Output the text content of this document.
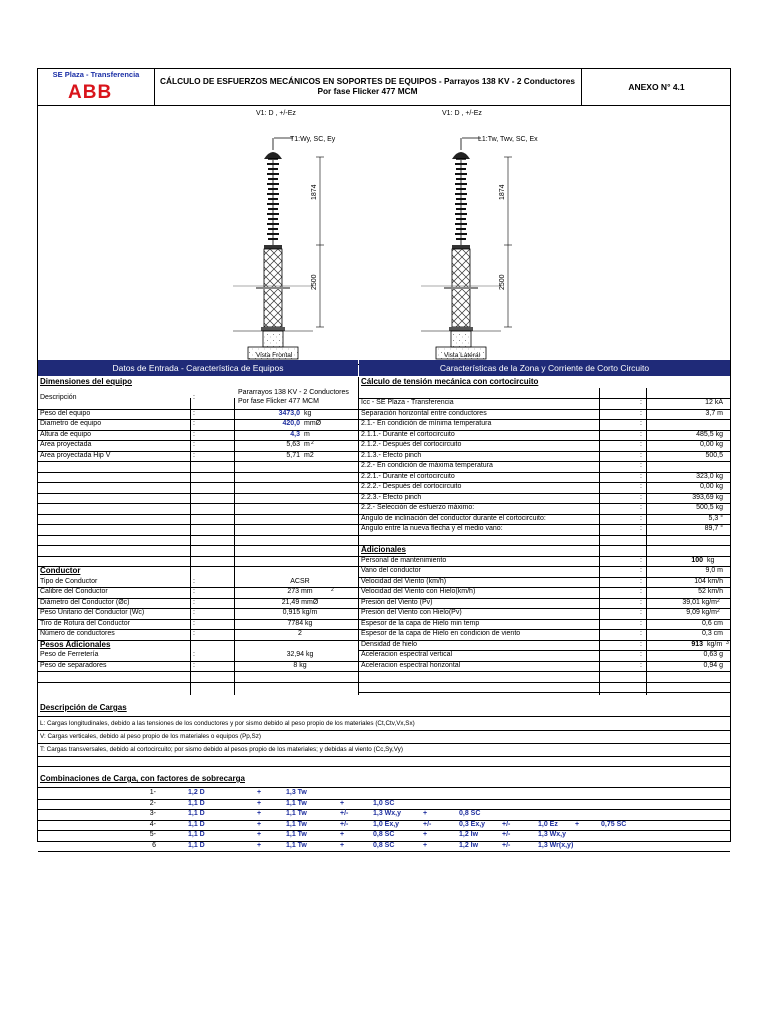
SE Plaza - Transferencia
ABB
CÁLCULO DE ESFUERZOS MECÁNICOS EN SOPORTES DE EQUIPOS - Parrayos 138 KV - 2 Conductores
Por fase Flicker 477 MCM	ANEXO N° 4.1
V1: D , +/-Ez
T1:Wy, SC, Ey
1874
2500
Vista Frontal
V1: D , +/-Ez
L1:Tw, Twv, SC, Ex
1874
2500
Vista Lateral
Datos de Entrada - Característica de Equipos	Características de la Zona y Corriente de Corto Circuito
Dimensiones del equipo
Descripción	:
Pararrayos 138 KV - 2 Conductores
Por fase Flicker 477 MCM
Cálculo de tensión mecánica con cortocircuito
Descripción de Cargas
L: Cargas longitudinales, debido a las tensiones de los conductores y por sismo debido al peso propio de los materiales (Ct,Ctv,Vx,Sx)
V: Cargas verticales, debido al peso propio de los materiales o equipos (Pp,Sz)
T: Cargas transversales, debido al cortocircuito; por sismo debido al pesos propio de los materiales; y debidas al viento (Cc,Sy,Vy)
Combinaciones de Carga, con factores de sobrecarga
Peso del equipo	:	3473,0 kg
Diametro de equipo	:	420,0 mmØ
Altura de equipo	:	4,3 m
Area proyectada	:	5,63 m 2
Area proyectada Hip V	:	5,71 m2
Conductor
Tipo de Conductor	:	ACSR
Calibre del Conductor	:	273 mm	2
Diámetro del Conductor (Øc)	:	21,49 mmØ
Peso Unitario del Conductor (Wc)	:	0,915 kg/m
Tiro de Rotura del Conductor	:	7784 kg
Número de conductores	:	2
Pesos Adicionales
Peso de Ferretería	:	32,94 kg
Peso de separadores	:	8 kg
Icc - SE Plaza - Transferencia	:	12 kA
Separación horizontal entre conductores	:	3,7 m
2.1.- En condición de mínima temperatura	:
2.1.1.- Durante el cortocircuito	:	485,5 kg
2.1.2.- Después del cortocircuito	:	0,00 kg
2.1.3.- Efecto pinch	:	500,5
2.2.- En condición de máxima temperatura	:
2.2.1.- Durante el cortocircuito	:	323,0 kg
2.2.2.- Después del cortocircuito	:	0,00 kg
2.2.3.- Efecto pinch	:	393,69 kg
2.2.- Selección de esfuerzo máximo:	:	500,5 kg
Angulo de inclinación del conductor durante el cortocircuito:	:	5,3 °
Angulo entre la nueva flecha y el medio vano:	:	89,7 °
Adicionales
Personal de mantenimiento	:	100 kg
Vano del conductor	:	9,0 m
Velocidad del Viento (km/h)	:	104 km/h
Velocidad del Viento con Hielo(km/h)	:	52 km/h
Presión del Viento (Pv)	:	39,01 kg/m 2
Presión del Viento con Hielo(Pv)	:	9,09 kg/m 2
Espesor de la capa de Hielo min temp	:	0,6 cm
Espesor de la capa de Hielo en condicion de viento	:	0,3 cm
Densidad de hielo	:	913 kg/m 3
Aceleracion espectral vertical	:	0,63 g
Aceleracion espectral horizontal	:	0,94 g
1-	1,2 D	+	1,3 Tw
2-	1,1 D	+	1,1 Tw	+	1,0 SC
3-	1,1 D	+	1,1 Tw	+/-	1,3 Wx,y	+	0,8 SC
4-	1,1 D	+	1,1 Tw	+/-	1,0 Ex,y	+/-	0,3 Ex,y +/-	1,0 Ez +	0,75 SC
5-	1,1 D	+	1,1 Tw	+	0,8 SC	+	1,2 Iw	+/-	1,3 Wx,y
6	1,1 D	+	1,1 Tw	+	0,8 SC	+	1,2 Iw	+/-	1,3 Wr(x,y)
